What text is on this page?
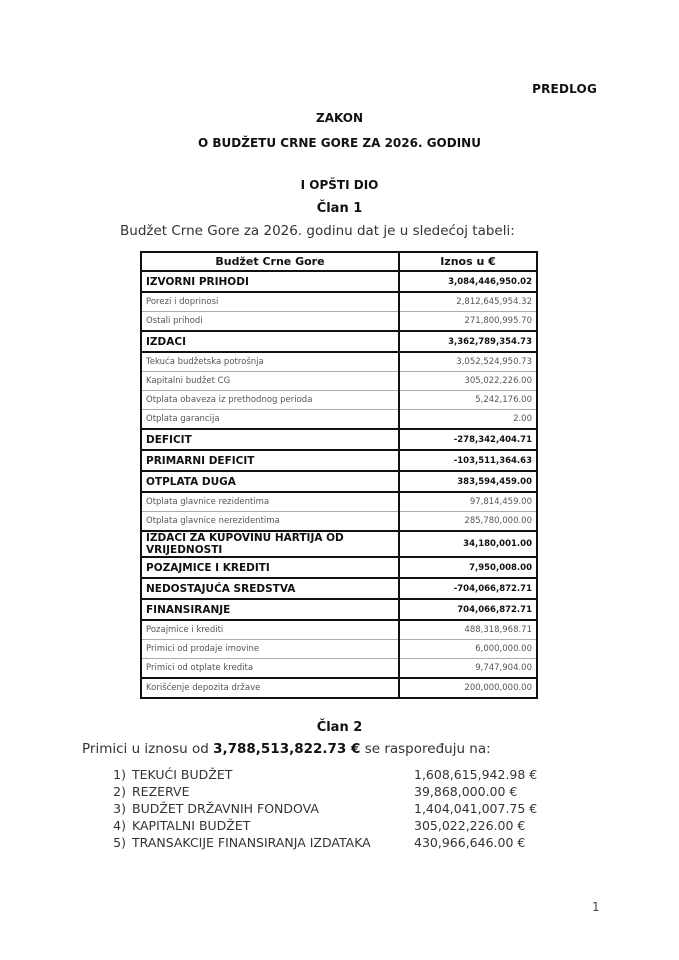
PREDLOG
ZAKON
O BUDŽETU CRNE GORE ZA 2026. GODINU
I OPŠTI DIO
Član 1
Budžet Crne Gore za 2026. godinu dat je u sledećoj tabeli:
Budžet Crne Gore	Iznos u €
IZVORNI PRIHODI	3,084,446,950.02
Porezi i doprinosi	2,812,645,954.32
Ostali prihodi	271,800,995.70
IZDACI	3,362,789,354.73
Tekuća budžetska potrošnja	3,052,524,950.73
Kapitalni budžet CG	305,022,226.00
Otplata obaveza iz prethodnog perioda	5,242,176.00
Otplata garancija	2.00
DEFICIT	-278,342,404.71
PRIMARNI DEFICIT	-103,511,364.63
OTPLATA DUGA	383,594,459.00
Otplata glavnice rezidentima	97,814,459.00
Otplata glavnice nerezidentima	285,780,000.00
IZDACI ZA KUPOVINU HARTIJA OD VRIJEDNOSTI	34,180,001.00
POZAJMICE I KREDITI	7,950,008.00
NEDOSTAJUĆA SREDSTVA	-704,066,872.71
FINANSIRANJE	704,066,872.71
Pozajmice i krediti	488,318,968.71
Primici od prodaje imovine	6,000,000.00
Primici od otplate kredita	9,747,904.00
Korišćenje depozita države	200,000,000.00
Član 2
Primici u iznosu od 3,788,513,822.73 € se raspoređuju na:
1) TEKUĆI BUDŽET	1,608,615,942.98 €
2) REZERVE	39,868,000.00 €
3) BUDŽET DRŽAVNIH FONDOVA	1,404,041,007.75 €
4) KAPITALNI BUDŽET	305,022,226.00 €
5) TRANSAKCIJE FINANSIRANJA IZDATAKA	430,966,646.00 €
1
